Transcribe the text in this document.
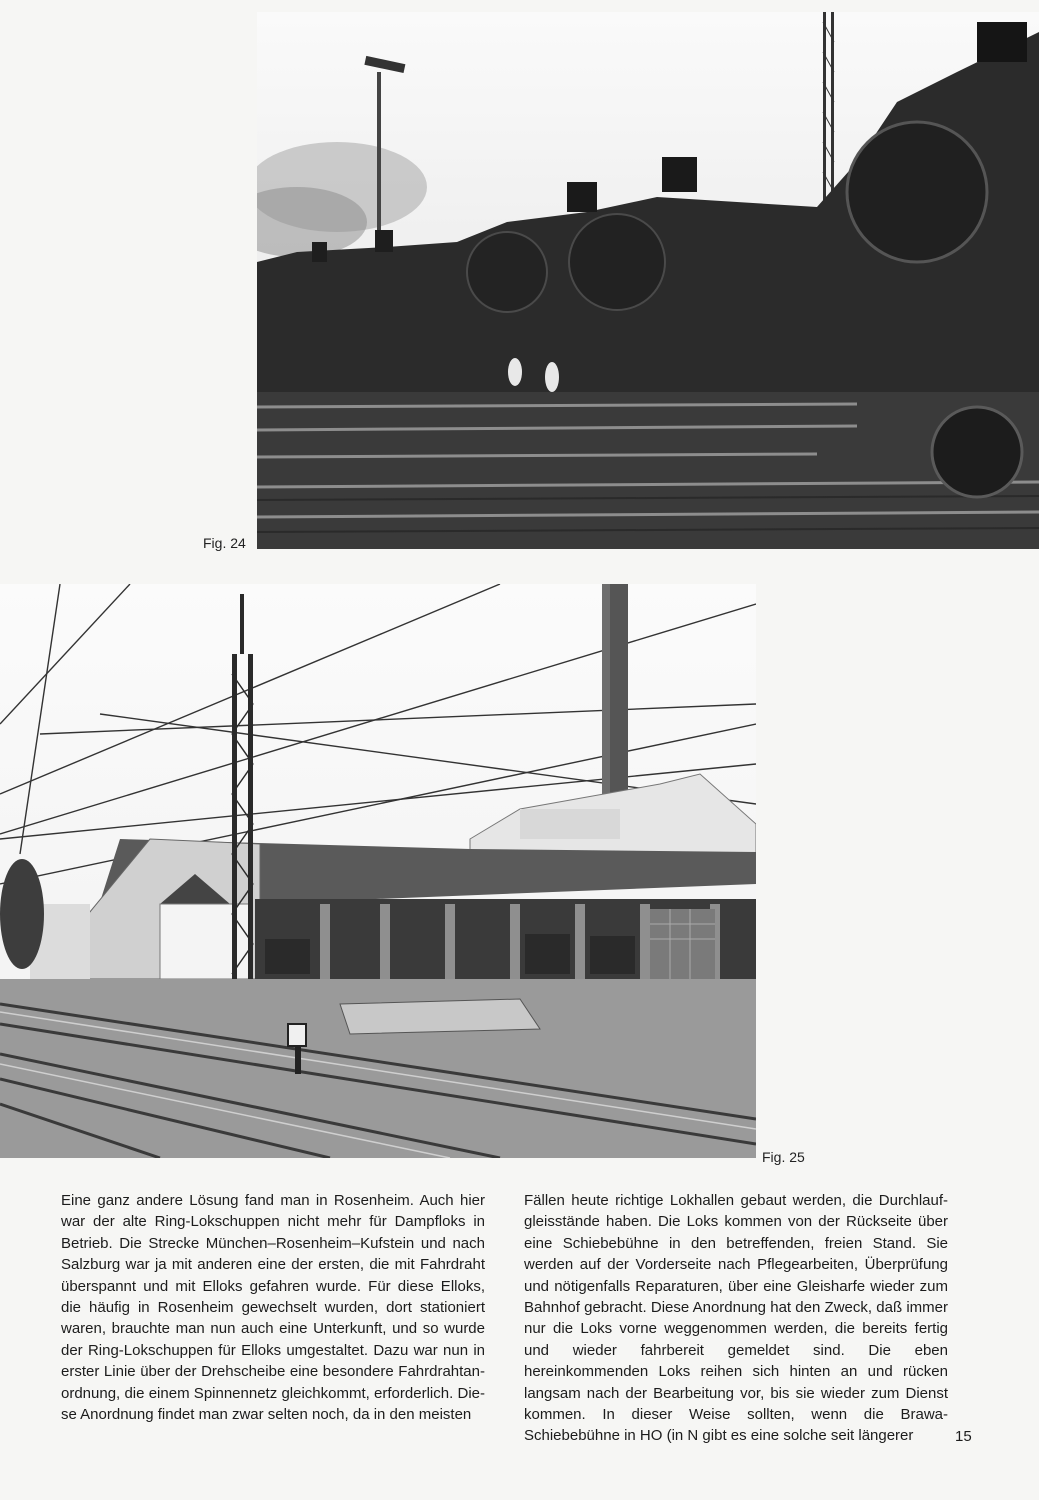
Fig. 24
Fig. 25

Eine ganz andere Lösung fand man in Rosenheim. Auch hier war der alte Ring-Lokschuppen nicht mehr für Dampfloks in Betrieb. Die Strecke München–Rosenheim–Kufstein und nach Salzburg war ja mit anderen eine der ersten, die mit Fahrdraht überspannt und mit Elloks gefahren wurde. Für diese Elloks, die häufig in Rosenheim gewechselt wurden, dort stationiert waren, brauchte man nun auch eine Unterkunft, und so wurde der Ring-Lokschuppen für Elloks umgestaltet. Dazu war nun in erster Linie über der Drehscheibe eine besondere Fahrdrahtanordnung, die einem Spinnennetz gleichkommt, erforderlich. Diese Anordnung findet man zwar selten noch, da in den meisten

Fällen heute richtige Lokhallen gebaut werden, die Durchlaufgleisstände haben. Die Loks kommen von der Rückseite über eine Schiebebühne in den betreffenden, freien Stand. Sie werden auf der Vorderseite nach Pflegearbeiten, Überprüfung und nötigenfalls Reparaturen, über eine Gleisharfe wieder zum Bahnhof gebracht. Diese Anordnung hat den Zweck, daß immer nur die Loks vorne weggenommen werden, die bereits fertig und wieder fahrbereit gemeldet sind. Die eben hereinkommenden Loks reihen sich hinten an und rücken langsam nach der Bearbeitung vor, bis sie wieder zum Dienst kommen. In dieser Weise sollten, wenn die Brawa-Schiebebühne in HO (in N gibt es eine solche seit längerer	15
